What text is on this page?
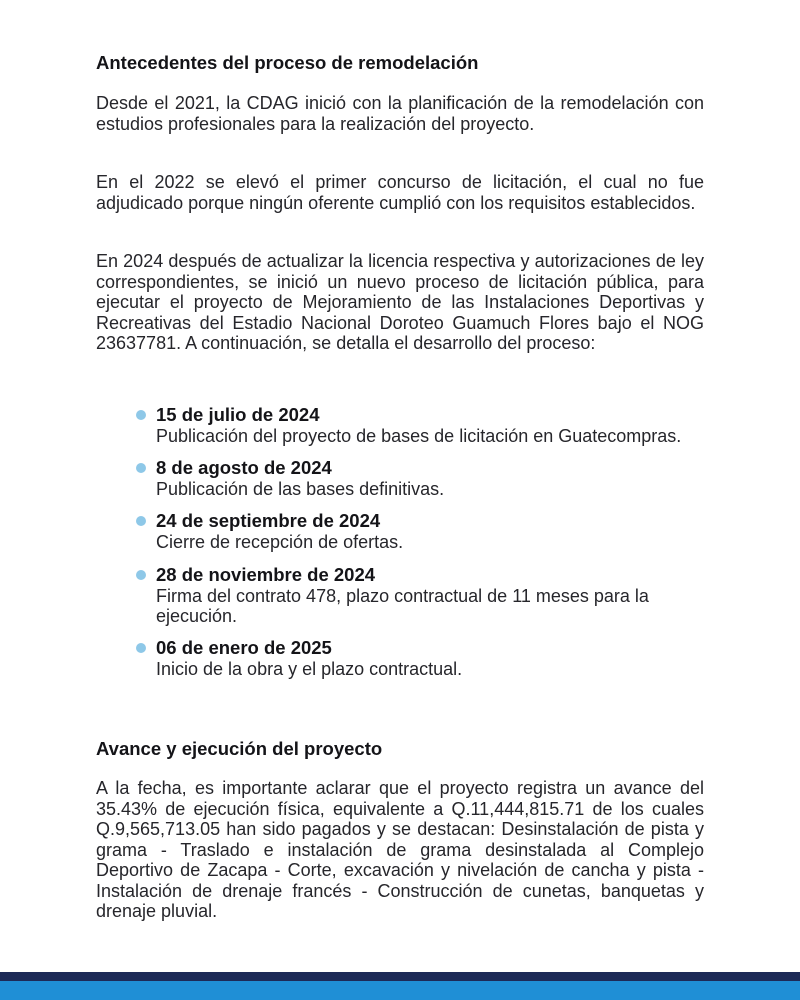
Antecedentes del proceso de remodelación

Desde el 2021, la CDAG inició con la planificación de la remodelación con estudios profesionales para la realización del proyecto.

En el 2022 se elevó el primer concurso de licitación, el cual no fue adjudicado porque ningún oferente cumplió con los requisitos establecidos.

En 2024 después de actualizar la licencia respectiva y autorizaciones de ley correspondientes, se inició un nuevo proceso de licitación pública, para ejecutar el proyecto de Mejoramiento de las Instalaciones Deportivas y Recreativas del Estadio Nacional Doroteo Guamuch Flores bajo el NOG 23637781. A continuación, se detalla el desarrollo del proceso:

15 de julio de 2024
Publicación del proyecto de bases de licitación en Guatecompras.
8 de agosto de 2024
Publicación de las bases definitivas.
24 de septiembre de 2024
Cierre de recepción de ofertas.
28 de noviembre de 2024
Firma del contrato 478, plazo contractual de 11 meses para la ejecución.
06 de enero de 2025
Inicio de la obra y el plazo contractual.
Avance y ejecución del proyecto

A la fecha, es importante aclarar que el proyecto registra un avance del 35.43% de ejecución física, equivalente a Q.11,444,815.71 de los cuales Q.9,565,713.05 han sido pagados y se destacan: Desinstalación de pista y grama - Traslado e instalación de grama desinstalada al Complejo Deportivo de Zacapa - Corte, excavación y nivelación de cancha y pista - Instalación de drenaje francés - Construcción de cunetas, banquetas y drenaje pluvial.
